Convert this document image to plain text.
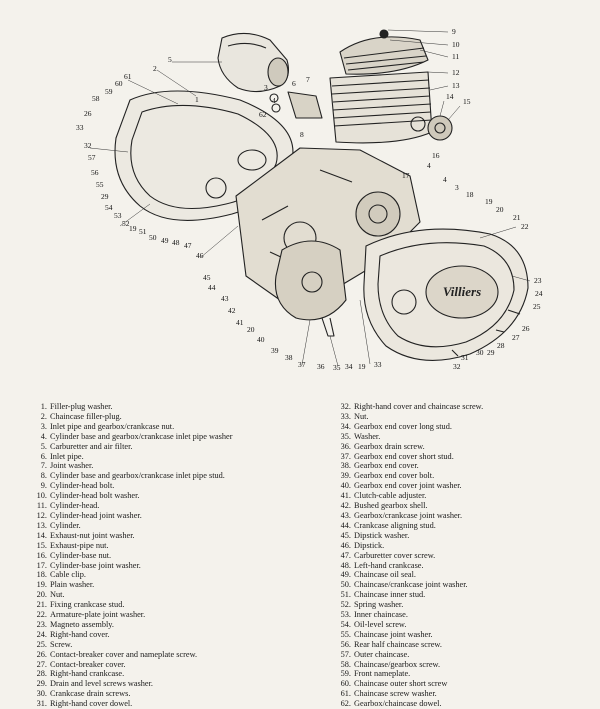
Villiers
9
10
11
12
13
14
15
16
4
17	4
3
18
19
20
21
22
23
24
25
26
27
28
29
30
31
32
33
19
34
35
36
37
38
39
40
20
41
42
43
44
45
46
47
48
49
50
51
19
52
53
54
29
55
56
57
32
33
26
58
59
60
61
2
5
3	6 7
1
62
8
4
1. Filler-plug washer.
2. Chaincase filler-plug.
3. Inlet pipe and gearbox/crankcase nut.
4. Cylinder base and gearbox/crankcase inlet pipe washer
5. Carburetter and air filter.
6. Inlet pipe.
7. Joint washer.
8. Cylinder base and gearbox/crankcase inlet pipe stud.
9. Cylinder-head bolt.
10. Cylinder-head bolt washer.
11. Cylinder-head.
12. Cylinder-head joint washer.
13. Cylinder.
14. Exhaust-nut joint washer.
15. Exhaust-pipe nut.
16. Cylinder-base nut.
17. Cylinder-base joint washer.
18. Cable clip.
19. Plain washer.
20. Nut.
21. Fixing crankcase stud.
22. Armature-plate joint washer.
23. Magneto assembly.
24. Right-hand cover.
25. Screw.
26. Contact-breaker cover and nameplate screw.
27. Contact-breaker cover.
28. Right-hand crankcase.
29. Drain and level screws washer.
30. Crankcase drain screws.
31. Right-hand cover dowel.
32. Right-hand cover and chaincase screw.
33. Nut.
34. Gearbox end cover long stud.
35. Washer.
36. Gearbox drain screw.
37. Gearbox end cover short stud.
38. Gearbox end cover.
39. Gearbox end cover bolt.
40. Gearbox end cover joint washer.
41. Clutch-cable adjuster.
42. Bushed gearbox shell.
43. Gearbox/crankcase joint washer.
44. Crankcase aligning stud.
45. Dipstick washer.
46. Dipstick.
47. Carburetter cover screw.
48. Left-hand crankcase.
49. Chaincase oil seal.
50. Chaincase/crankcase joint washer.
51. Chaincase inner stud.
52. Spring washer.
53. Inner chaincase.
54. Oil-level screw.
55. Chaincase joint washer.
56. Rear half chaincase screw.
57. Outer chaincase.
58. Chaincase/gearbox screw.
59. Front nameplate.
60. Chaincase outer short screw
61. Chaincase screw washer.
62. Gearbox/chaincase dowel.
